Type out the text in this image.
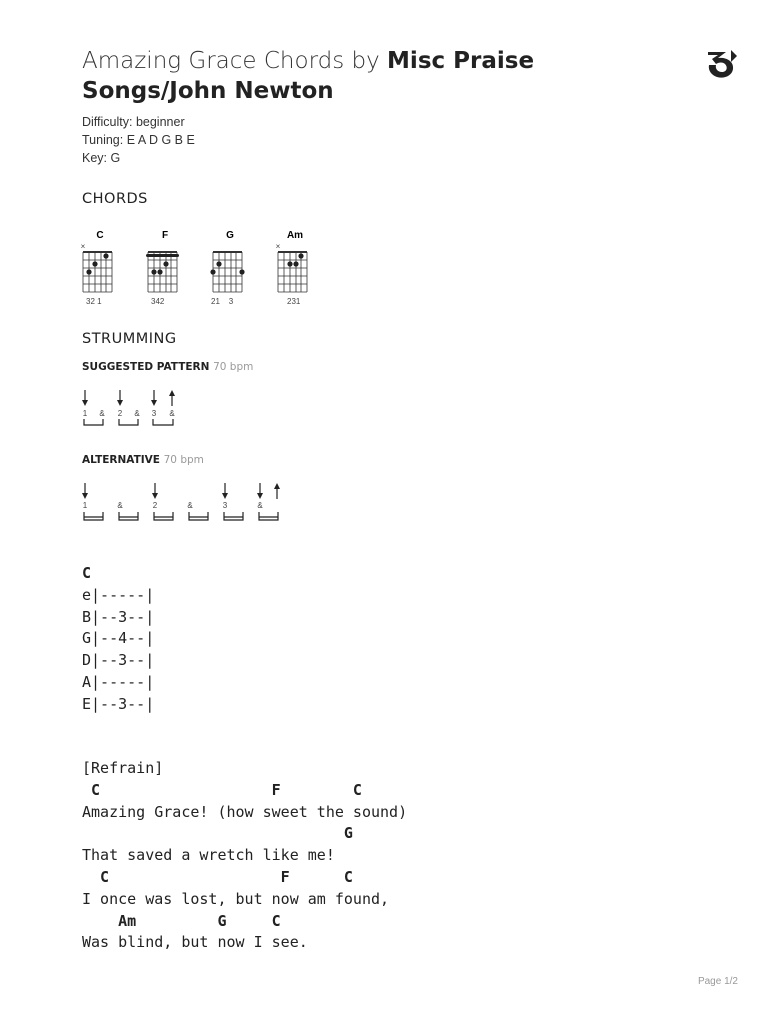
Amazing Grace Chords by Misc Praise Songs/John Newton
Difficulty: beginner
Tuning: E A D G B E
Key: G
CHORDS
C
×
32 1
F
342
G
21    3
Am
×
231
STRUMMING
SUGGESTED PATTERN 70 bpm
1 & 2 & 3 &
ALTERNATIVE 70 bpm
1	&	2	&	3	&
C
e|-----|
B|--3--|
G|--4--|
D|--3--|
A|-----|
E|--3--|
[Refrain]
C                   F        C
Amazing Grace! (how sweet the sound)
G
That saved a wretch like me!
C                   F      C
I once was lost, but now am found,
Am         G     C
Was blind, but now I see.
Page 1/2
